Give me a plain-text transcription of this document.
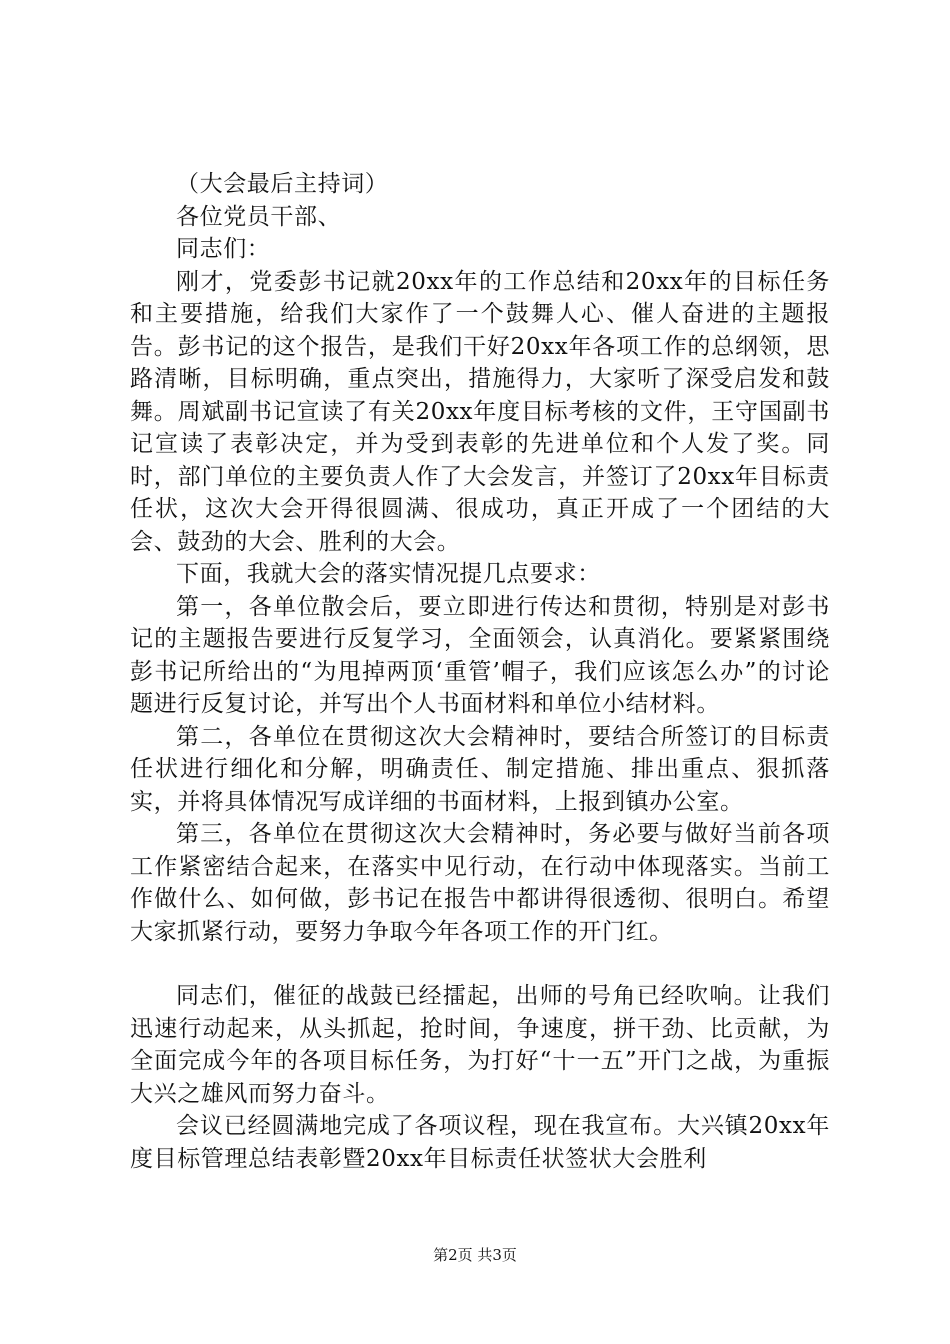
（大会最后主持词）

各位党员干部、

同志们：

刚才，党委彭书记就20xx年的工作总结和20xx年的目标任务和主要措施，给我们大家作了一个鼓舞人心、催人奋进的主题报告。彭书记的这个报告，是我们干好20xx年各项工作的总纲领，思路清晰，目标明确，重点突出，措施得力，大家听了深受启发和鼓舞。周斌副书记宣读了有关20xx年度目标考核的文件，王守国副书记宣读了表彰决定，并为受到表彰的先进单位和个人发了奖。同时，部门单位的主要负责人作了大会发言，并签订了20xx年目标责任状，这次大会开得很圆满、很成功，真正开成了一个团结的大会、鼓劲的大会、胜利的大会。

下面，我就大会的落实情况提几点要求：

第一，各单位散会后，要立即进行传达和贯彻，特别是对彭书记的主题报告要进行反复学习，全面领会，认真消化。要紧紧围绕彭书记所给出的“为甩掉两顶‘重管’帽子，我们应该怎么办”的讨论题进行反复讨论，并写出个人书面材料和单位小结材料。

第二，各单位在贯彻这次大会精神时，要结合所签订的目标责任状进行细化和分解，明确责任、制定措施、排出重点、狠抓落实，并将具体情况写成详细的书面材料，上报到镇办公室。

第三，各单位在贯彻这次大会精神时，务必要与做好当前各项工作紧密结合起来，在落实中见行动，在行动中体现落实。当前工作做什么、如何做，彭书记在报告中都讲得很透彻、很明白。希望大家抓紧行动，要努力争取今年各项工作的开门红。

同志们，催征的战鼓已经擂起，出师的号角已经吹响。让我们迅速行动起来，从头抓起，抢时间，争速度，拼干劲、比贡献，为全面完成今年的各项目标任务，为打好“十一五”开门之战，为重振大兴之雄风而努力奋斗。

会议已经圆满地完成了各项议程，现在我宣布。大兴镇20xx年度目标管理总结表彰暨20xx年目标责任状签状大会胜利

第2页 共3页
